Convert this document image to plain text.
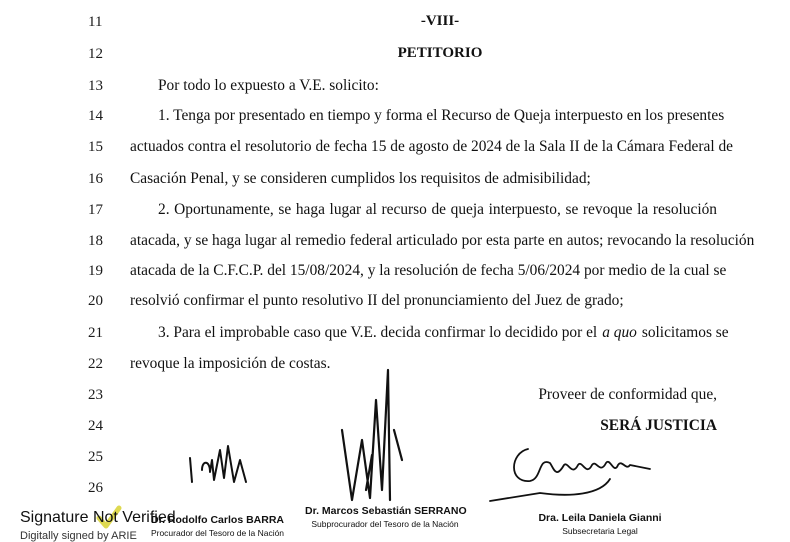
11
12
13
14
15
16
17
18
19
20
21
22
23
24
25
26
-VIII-
PETITORIO
Por todo lo expuesto a V.E. solicito:
1. Tenga por presentado en tiempo y forma el Recurso de Queja interpuesto en los presentes
actuados contra el resolutorio de fecha 15 de agosto de 2024 de la Sala II de la Cámara Federal de
Casación Penal, y se consideren cumplidos los requisitos de admisibilidad;
2. Oportunamente, se haga lugar al recurso de queja interpuesto, se revoque la resolución
atacada, y se haga lugar al remedio federal articulado por esta parte en autos; revocando la resolución
atacada de la C.F.C.P. del 15/08/2024, y la resolución de fecha 5/06/2024 por medio de la cual se
resolvió confirmar el punto resolutivo II del pronunciamiento del Juez de grado;
3. Para el improbable caso que V.E. decida confirmar lo decidido por el a quo solicitamos se
revoque la imposición de costas.
Proveer de conformidad que,
SERÁ JUSTICIA
Dr. Rodolfo Carlos BARRA
Procurador del Tesoro de la Nación
Dr. Marcos Sebastián SERRANO
Subprocurador del Tesoro de la Nación	Dra. Leila Daniela Gianni
Subsecretaria Legal
Signature Not Verified
Digitally signed by ARIE
